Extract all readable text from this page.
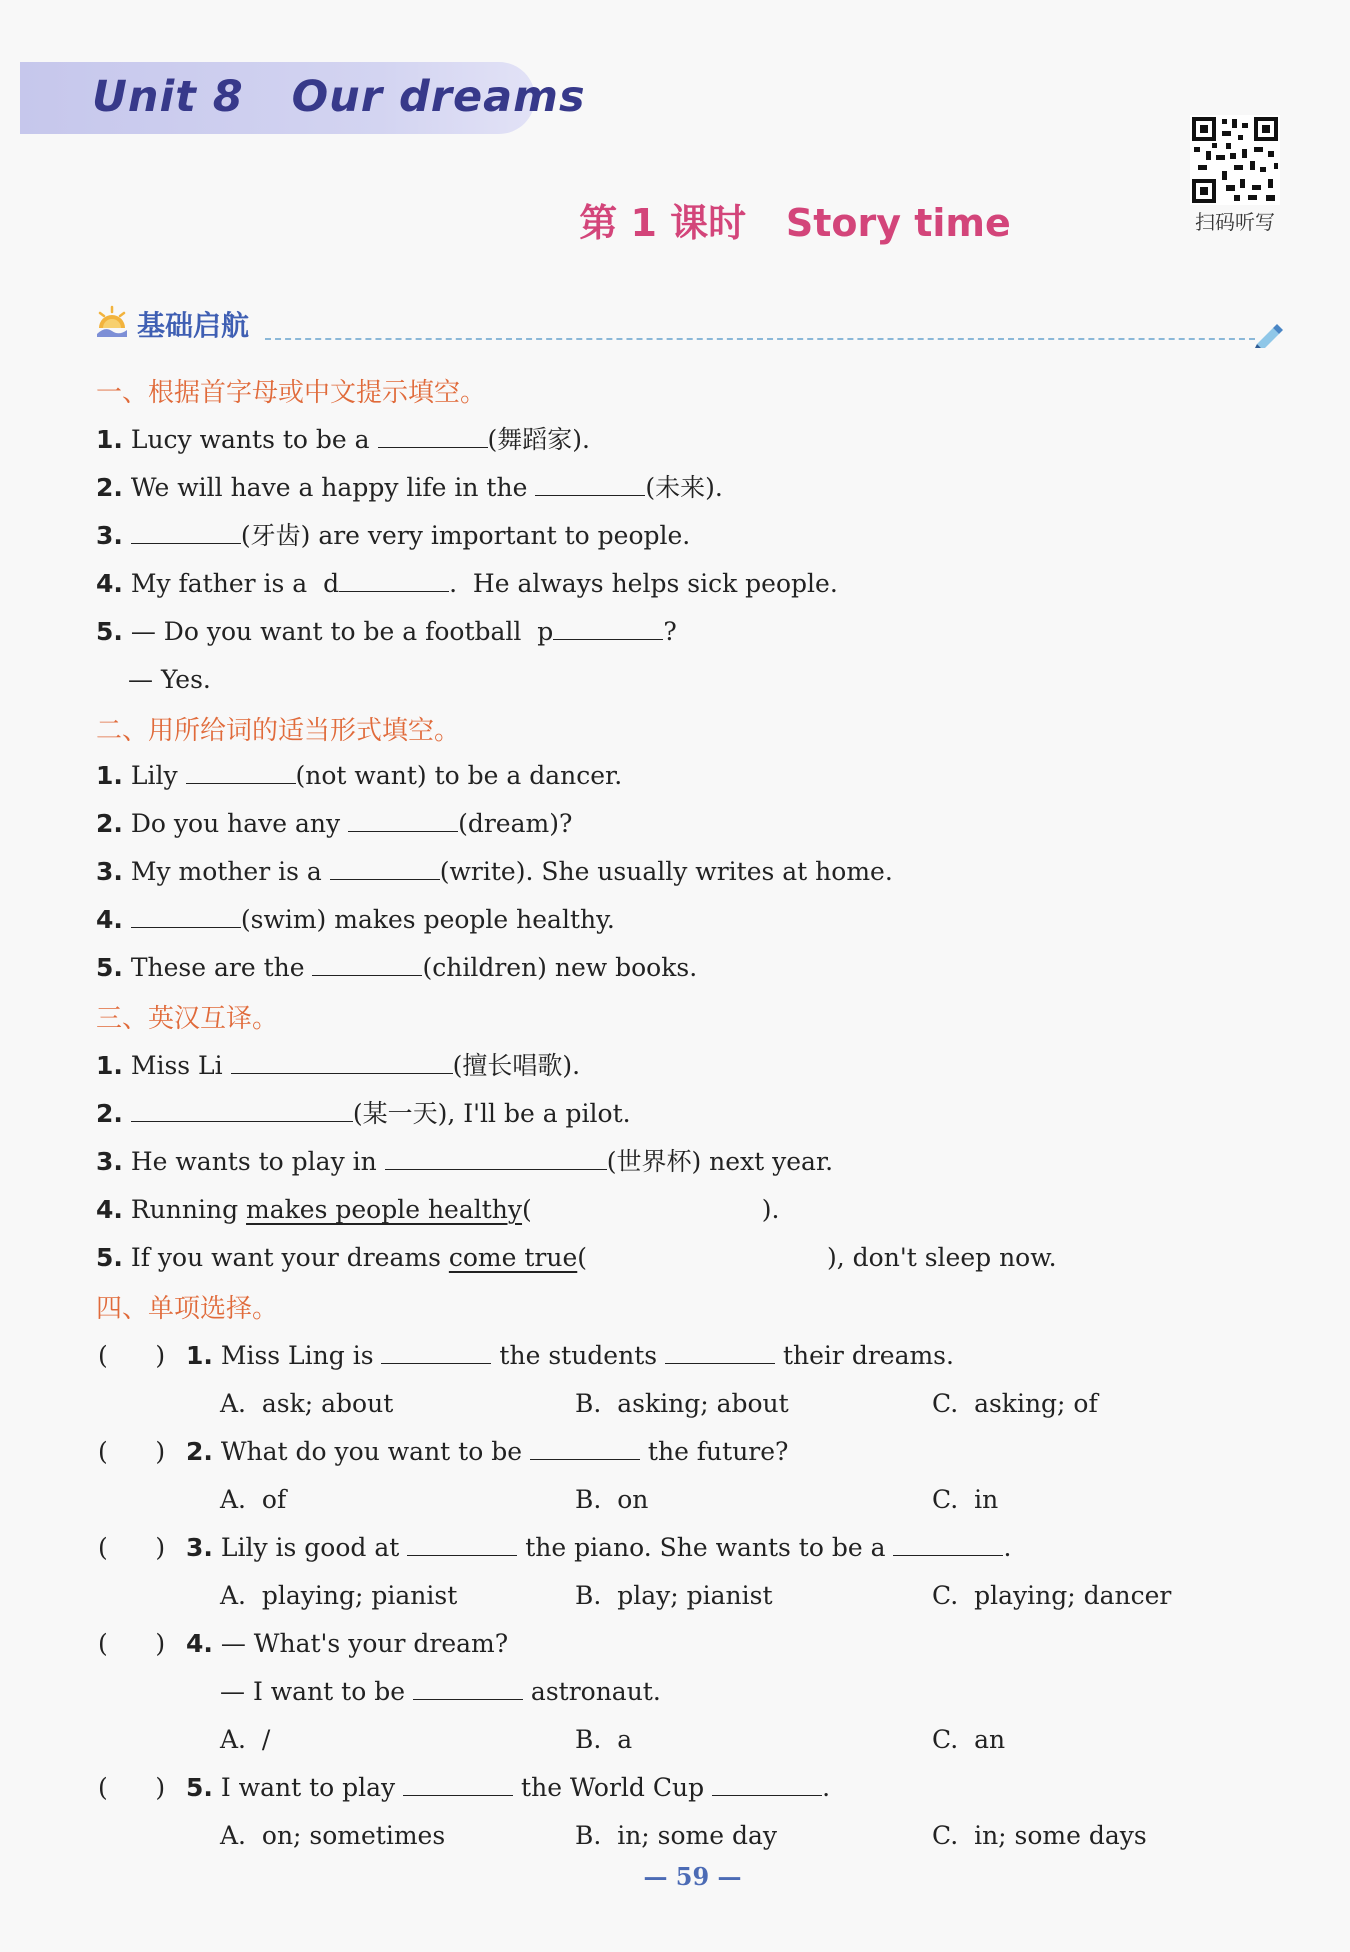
Unit 8   Our dreams

扫码听写
第 1 课时 Story time
基础启航

一、根据首字母或中文提示填空。

1. Lucy wants to be a	(舞蹈家).

2. We will have a happy life in the	(未来).

3.	(牙齿) are very important to people.

4. My father is a  d	.  He always helps sick people.

5. — Do you want to be a football  p	?

— Yes.

二、用所给词的适当形式填空。

1. Lily	(not want) to be a dancer.

2. Do you have any	(dream)?

3. My mother is a	(write). She usually writes at home.

4.	(swim) makes people healthy.

5. These are the	(children) new books.

三、英汉互译。

1. Miss Li	(擅长唱歌).

2.	(某一天), I'll be a pilot.

3. He wants to play in	(世界杯) next year.

4. Running makes people healthy(	).

5. If you want your dreams come true(	), don't sleep now.

四、单项选择。

(      ) 1. Miss Ling is	the students	their dreams.

A.  ask; about	B.  asking; about	C.  asking; of

(      ) 2. What do you want to be	the future?

A.  of	B.  on	C.  in

(      ) 3. Lily is good at	the piano. She wants to be a	.

A.  playing; pianist	B.  play; pianist	C.  playing; dancer

(      ) 4. — What's your dream?

— I want to be	astronaut.

A.  /	B.  a	C.  an

(      ) 5. I want to play	the World Cup	.

A.  on; sometimes	B.  in; some day	C.  in; some days

— 59 —
